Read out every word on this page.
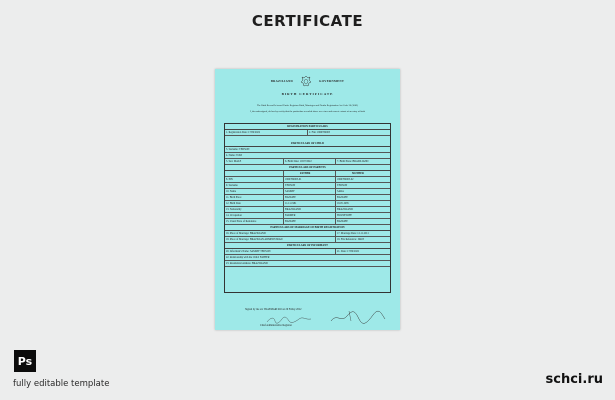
CERTIFICATE
BRAZILIAND	GOVERNMENT
BIRTH CERTIFICATE
The Birth Record Is issued Under Registrar Birth, Marriages and Deaths Registration Act Code 36 (2002)
I, the undersigned, do hereby certify that the particulars recorded above are a true and correct extract of an entry of birth
REGISTRATION PARTICULARS
1. Registration Date: 17/09/2022	2. File: 1860769003
PARTICULARS OF CHILD
3. Surname: TEDSON
4. Name: TOM
5. Sex: MALE	6. Birth Date: 10/07/2022	7. Birth Place: BRAZILIAND
PARTICULARS OF PARENTS
FATHER	MOTHER
8. PIN	1860769003-01	1860769003-02
9. Surname	TEDSON	TEDSON
10. Name	SAMMY	SARA
11. Birth Place	BANGHE	BANGHE
12. Birth Date	11.11.1981	19.05.1985
13. Nationality	BRAZILIAND	BRAZILIAND
14. Occupation	FARMER	HOUSEWIFE
15. Usual Place of Residence	BANGHE	BANGHE
PARTICULARS OF MARRIAGE OF BIRTH REGISTRATION
16. Place of Marriage: BRAZILIAND	17. Marriage Date: 12.11.2011
18. Place of Marriage: BRAZILIAN ADMINISTRAD	19. File Reference: 19403
PARTICULARS OF INFORMANT
20. Informant's Name: SAMMY TEDSON	21. Date: 17/09/2022
22. Relationship with the Child: FATHER
23. Residential Address: BRAZILIAND
Signed by me on: TRAEMARI RO on 29 Friday 2022
Chief Administrative Registrar
Ps
fully editable template	schci.ru
